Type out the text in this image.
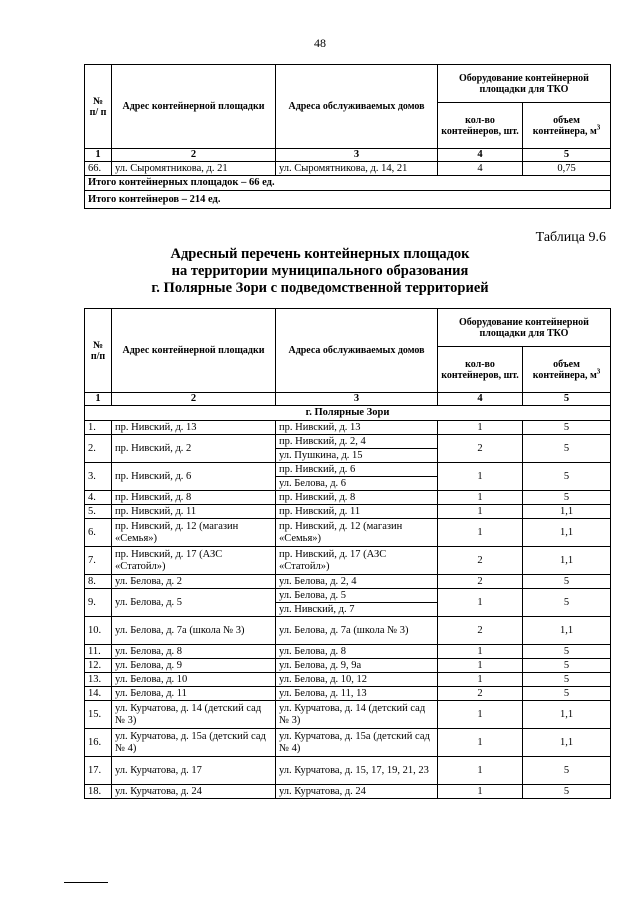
48
№ п/ п	Адрес контейнерной площадки	Адреса обслуживаемых домов	Оборудование контейнерной площадки для ТКО	
			кол-во контейнеров, шт.	объем контейнера, $м^3$
1	2	3	4	5
66.	ул. Сыромятникова, д. 21	ул. Сыромятникова, д. 14, 21	4	0,75
Итого контейнерных площадок – 66 ед.				
Итого контейнеров – 214 ед.				
Таблица 9.6
Адресный перечень контейнерных площадок
на территории муниципального образования
г. Полярные Зори с подведомственной территорией
№ п/п	Адрес контейнерной площадки	Адреса обслуживаемых домов	Оборудование контейнерной площадки для ТКО	
			кол-во контейнеров, шт.	объем контейнера, $м^3$
1	2	3	4	5
г. Полярные Зори				
1.	пр. Нивский, д. 13	пр. Нивский, д. 13	1	5
2.	пр. Нивский, д. 2	пр. Нивский, д. 2, 4	2	5
		ул. Пушкина, д. 15		
3.	пр. Нивский, д. 6	пр. Нивский, д. 6	1	5
		ул. Белова, д. 6		
4.	пр. Нивский, д. 8	пр. Нивский, д. 8	1	5
5.	пр. Нивский, д. 11	пр. Нивский, д. 11	1	1,1
6.	пр. Нивский, д. 12 (магазин «Семья»)	пр. Нивский, д. 12 (магазин «Семья»)	1	1,1
7.	пр. Нивский, д. 17 (АЗС «Статойл»)	пр. Нивский, д. 17 (АЗС «Статойл»)	2	1,1
8.	ул. Белова, д. 2	ул. Белова, д. 2, 4	2	5
9.	ул. Белова, д. 5	ул. Белова, д. 5	1	5
		ул. Нивский, д. 7		
10.	ул. Белова, д. 7а (школа № 3)	ул. Белова, д. 7а (школа № 3)	2	1,1
11.	ул. Белова, д. 8	ул. Белова, д. 8	1	5
12.	ул. Белова, д. 9	ул. Белова, д. 9, 9а	1	5
13.	ул. Белова, д. 10	ул. Белова, д. 10, 12	1	5
14.	ул. Белова, д. 11	ул. Белова, д. 11, 13	2	5
15.	ул. Курчатова, д. 14 (детский сад № 3)	ул. Курчатова, д. 14 (детский сад № 3)	1	1,1
16.	ул. Курчатова, д. 15а (детский сад № 4)	ул. Курчатова, д. 15а (детский сад № 4)	1	1,1
17.	ул. Курчатова, д. 17	ул. Курчатова, д. 15, 17, 19, 21, 23	1	5
18.	ул. Курчатова, д. 24	ул. Курчатова, д. 24	1	5
